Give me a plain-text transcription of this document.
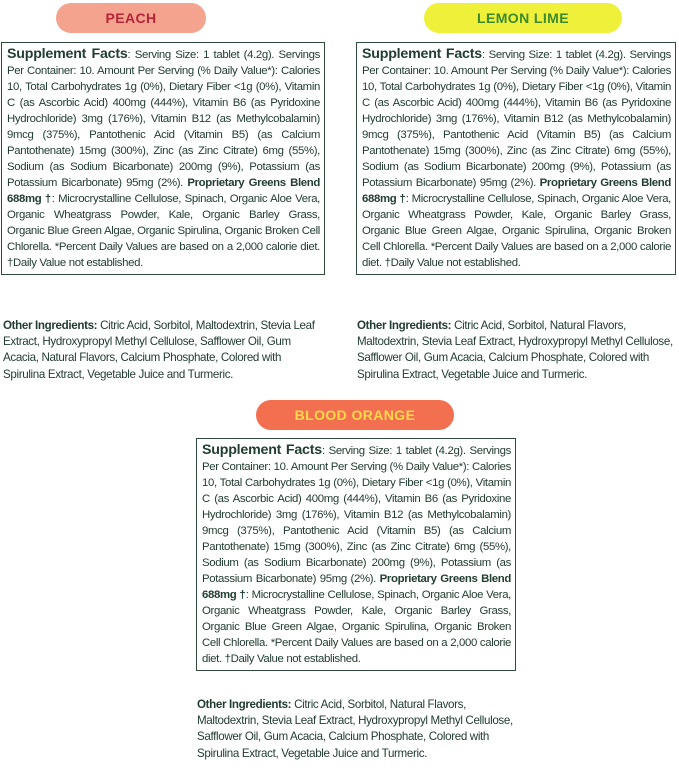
PEACH
Supplement Facts: Serving Size: 1 tablet (4.2g). Servings Per Container: 10. Amount Per Serving (% Daily Value*): Calories 10, Total Carbohydrates 1g (0%), Dietary Fiber <1g (0%), Vitamin C (as Ascorbic Acid) 400mg (444%), Vitamin B6 (as Pyridoxine Hydrochloride) 3mg (176%), Vitamin B12 (as Methylcobalamin) 9mcg (375%), Pantothenic Acid (Vitamin B5) (as Calcium Pantothenate) 15mg (300%), Zinc (as Zinc Citrate) 6mg (55%), Sodium (as Sodium Bicarbonate) 200mg (9%), Potassium (as Potassium Bicarbonate) 95mg (2%). Proprietary Greens Blend 688mg †: Microcrystalline Cellulose, Spinach, Organic Aloe Vera, Organic Wheatgrass Powder, Kale, Organic Barley Grass, Organic Blue Green Algae, Organic Spirulina, Organic Broken Cell Chlorella. *Percent Daily Values are based on a 2,000 calorie diet. †Daily Value not established.
Other Ingredients: Citric Acid, Sorbitol, Maltodextrin, Stevia Leaf Extract, Hydroxypropyl Methyl Cellulose, Safflower Oil, Gum Acacia, Natural Flavors, Calcium Phosphate, Colored with Spirulina Extract, Vegetable Juice and Turmeric.
LEMON LIME
Supplement Facts: Serving Size: 1 tablet (4.2g). Servings Per Container: 10. Amount Per Serving (% Daily Value*): Calories 10, Total Carbohydrates 1g (0%), Dietary Fiber <1g (0%), Vitamin C (as Ascorbic Acid) 400mg (444%), Vitamin B6 (as Pyridoxine Hydrochloride) 3mg (176%), Vitamin B12 (as Methylcobalamin) 9mcg (375%), Pantothenic Acid (Vitamin B5) (as Calcium Pantothenate) 15mg (300%), Zinc (as Zinc Citrate) 6mg (55%), Sodium (as Sodium Bicarbonate) 200mg (9%), Potassium (as Potassium Bicarbonate) 95mg (2%). Proprietary Greens Blend 688mg †: Microcrystalline Cellulose, Spinach, Organic Aloe Vera, Organic Wheatgrass Powder, Kale, Organic Barley Grass, Organic Blue Green Algae, Organic Spirulina, Organic Broken Cell Chlorella. *Percent Daily Values are based on a 2,000 calorie diet. †Daily Value not established.
Other Ingredients: Citric Acid, Sorbitol, Natural Flavors, Maltodextrin, Stevia Leaf Extract, Hydroxypropyl Methyl Cellulose, Safflower Oil, Gum Acacia, Calcium Phosphate, Colored with Spirulina Extract, Vegetable Juice and Turmeric.
BLOOD ORANGE
Supplement Facts: Serving Size: 1 tablet (4.2g). Servings Per Container: 10. Amount Per Serving (% Daily Value*): Calories 10, Total Carbohydrates 1g (0%), Dietary Fiber <1g (0%), Vitamin C (as Ascorbic Acid) 400mg (444%), Vitamin B6 (as Pyridoxine Hydrochloride) 3mg (176%), Vitamin B12 (as Methylcobalamin) 9mcg (375%), Pantothenic Acid (Vitamin B5) (as Calcium Pantothenate) 15mg (300%), Zinc (as Zinc Citrate) 6mg (55%), Sodium (as Sodium Bicarbonate) 200mg (9%), Potassium (as Potassium Bicarbonate) 95mg (2%). Proprietary Greens Blend 688mg †: Microcrystalline Cellulose, Spinach, Organic Aloe Vera, Organic Wheatgrass Powder, Kale, Organic Barley Grass, Organic Blue Green Algae, Organic Spirulina, Organic Broken Cell Chlorella. *Percent Daily Values are based on a 2,000 calorie diet. †Daily Value not established.
Other Ingredients: Citric Acid, Sorbitol, Natural Flavors, Maltodextrin, Stevia Leaf Extract, Hydroxypropyl Methyl Cellulose, Safflower Oil, Gum Acacia, Calcium Phosphate, Colored with Spirulina Extract, Vegetable Juice and Turmeric.
